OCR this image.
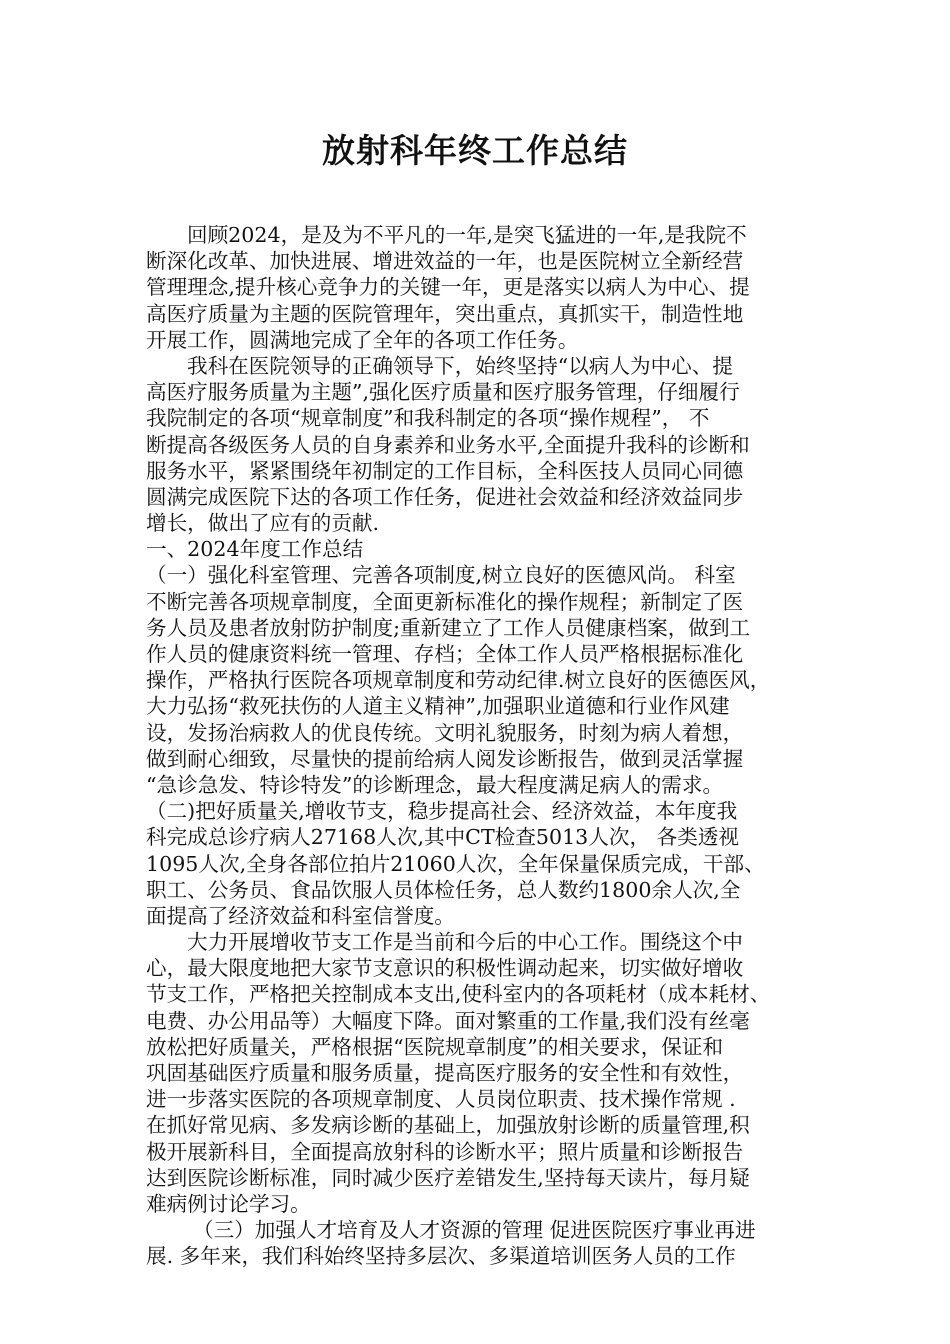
放射科年终工作总结
回顾2024，是及为不平凡的一年,是突飞猛进的一年,是我院不
断深化改革、加快进展、增进效益的一年，也是医院树立全新经营
管理理念,提升核心竞争力的关键一年，更是落实以病人为中心、提
高医疗质量为主题的医院管理年，突出重点，真抓实干，制造性地
开展工作，圆满地完成了全年的各项工作任务。
我科在医院领导的正确领导下，始终坚持“以病人为中心、提
高医疗服务质量为主题”,强化医疗质量和医疗服务管理，仔细履行
我院制定的各项“规章制度”和我科制定的各项“操作规程”， 不
断提高各级医务人员的自身素养和业务水平,全面提升我科的诊断和
服务水平，紧紧围绕年初制定的工作目标，全科医技人员同心同德
圆满完成医院下达的各项工作任务，促进社会效益和经济效益同步
增长，做出了应有的贡献.
一、2024年度工作总结
（一）强化科室管理、完善各项制度,树立良好的医德风尚。 科室
不断完善各项规章制度，全面更新标准化的操作规程；新制定了医
务人员及患者放射防护制度;重新建立了工作人员健康档案，做到工
作人员的健康资料统一管理、存档；全体工作人员严格根据标准化
操作，严格执行医院各项规章制度和劳动纪律.树立良好的医德医风，
大力弘扬“救死扶伤的人道主义精神”,加强职业道德和行业作风建
设，发扬治病救人的优良传统。文明礼貌服务，时刻为病人着想，
做到耐心细致，尽量快的提前给病人阅发诊断报告，做到灵活掌握
“急诊急发、特诊特发”的诊断理念，最大程度满足病人的需求。
（二)把好质量关,增收节支，稳步提高社会、经济效益，本年度我
科完成总诊疗病人27168人次,其中CT检查5013人次， 各类透视
1095人次,全身各部位拍片21060人次，全年保量保质完成，干部、
职工、公务员、食品饮服人员体检任务，总人数约1800余人次,全
面提高了经济效益和科室信誉度。
大力开展增收节支工作是当前和今后的中心工作。围绕这个中
心，最大限度地把大家节支意识的积极性调动起来，切实做好增收
节支工作，严格把关控制成本支出,使科室内的各项耗材（成本耗材、
电费、办公用品等）大幅度下降。面对繁重的工作量,我们没有丝毫
放松把好质量关，严格根据“医院规章制度”的相关要求，保证和
巩固基础医疗质量和服务质量，提高医疗服务的安全性和有效性，
进一步落实医院的各项规章制度、人员岗位职责、技术操作常规 .
在抓好常见病、多发病诊断的基础上，加强放射诊断的质量管理,积
极开展新科目，全面提高放射科的诊断水平；照片质量和诊断报告
达到医院诊断标准，同时减少医疗差错发生,坚持每天读片，每月疑
难病例讨论学习。
（三）加强人才培育及人才资源的管理 促进医院医疗事业再进
展. 多年来，我们科始终坚持多层次、多渠道培训医务人员的工作
